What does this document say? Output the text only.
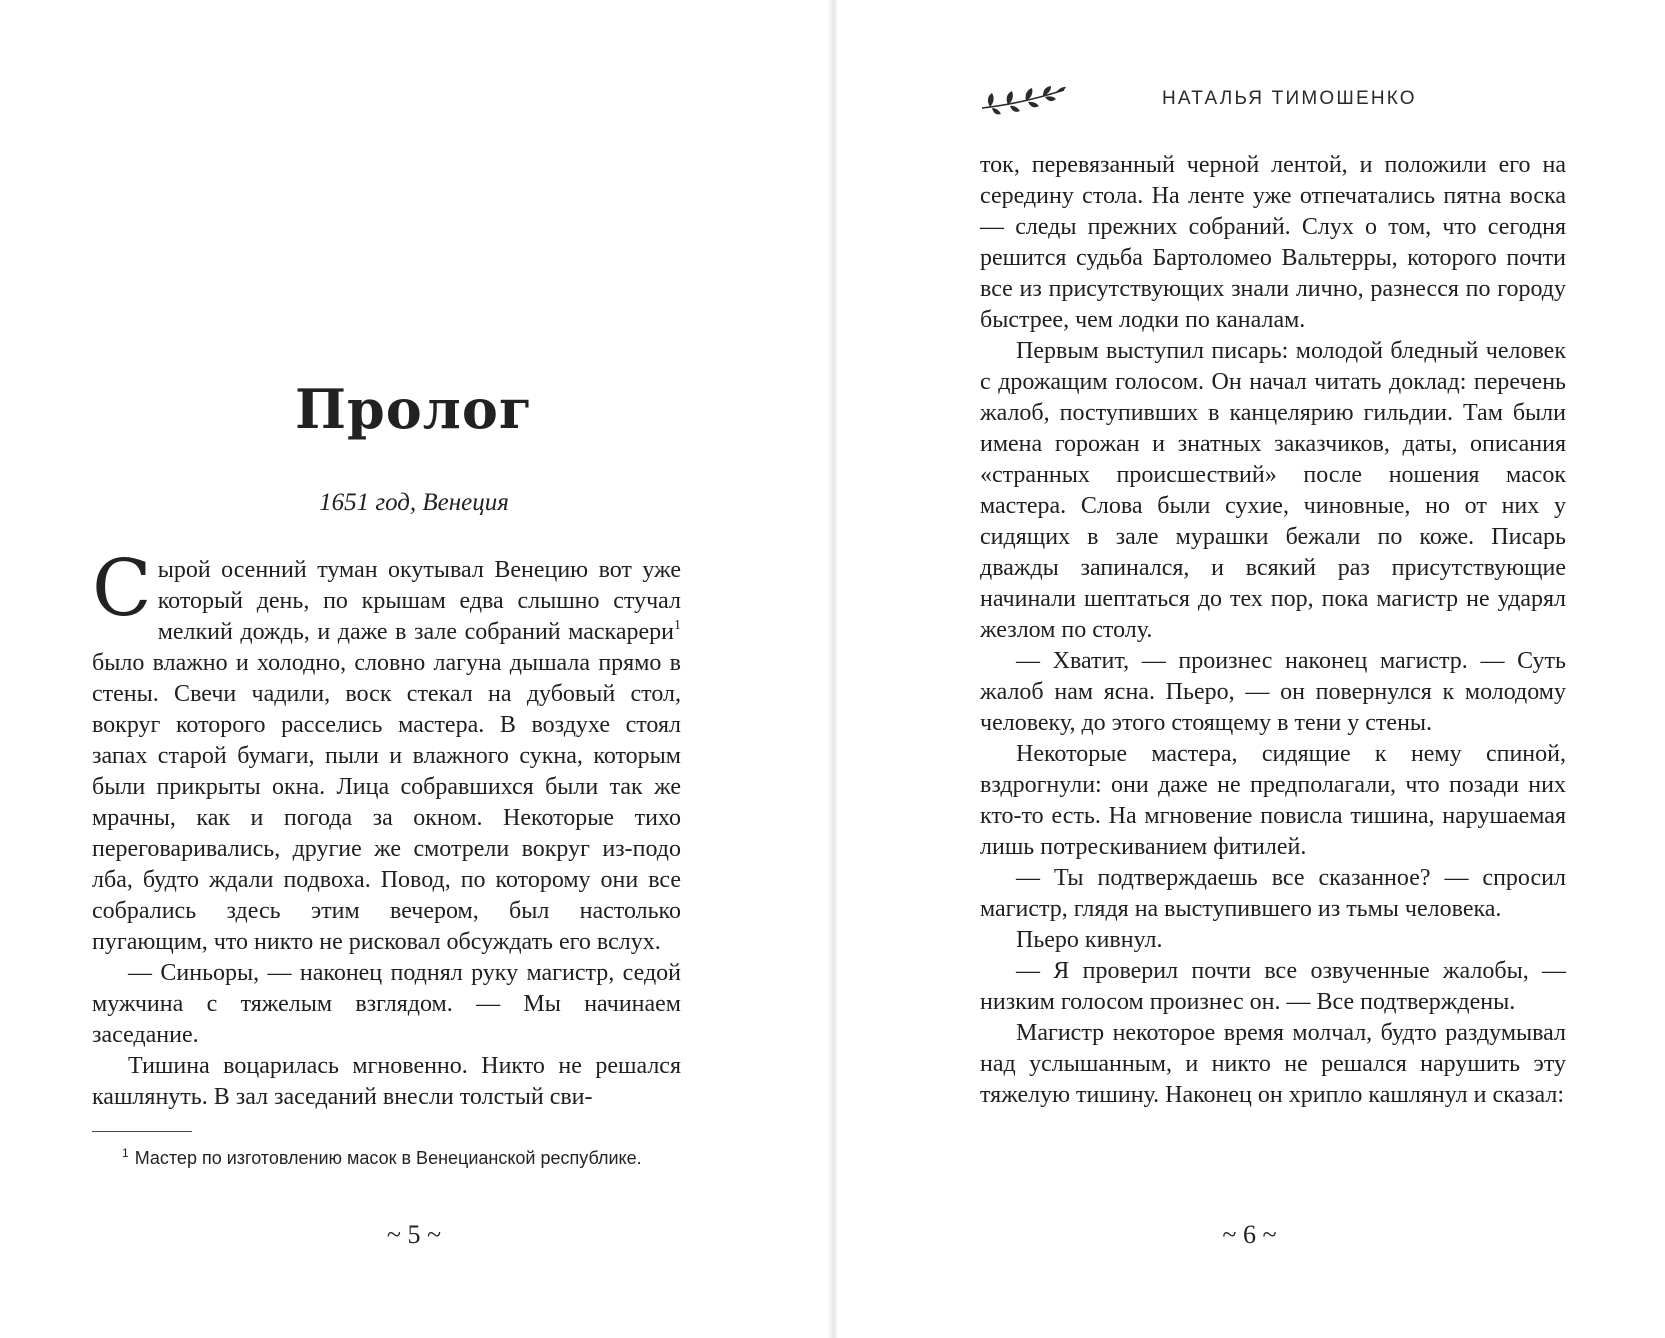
Пролог
1651 год, Венеция

Сырой осенний туман окутывал Венецию вот уже который день, по крышам едва слышно стучал мелкий дождь, и даже в зале собраний маскарери$^1$ было влажно и холодно, словно лагуна дышала прямо в стены. Свечи чадили, воск стекал на дубовый стол, вокруг которого расселись мастера. В воздухе стоял запах старой бумаги, пыли и влажного сукна, которым были прикрыты окна. Лица собравшихся были так же мрачны, как и погода за окном. Некоторые тихо переговаривались, другие же смотрели вокруг из-подо лба, будто ждали подвоха. Повод, по которому они все собрались здесь этим вечером, был настолько пугающим, что никто не рисковал обсуждать его вслух.

— Синьоры, — наконец поднял руку магистр, седой мужчина с тяжелым взглядом. — Мы начинаем заседание.

Тишина воцарилась мгновенно. Никто не решался кашлянуть. В зал заседаний внесли толстый сви-

$^1$ Мастер по изготовлению масок в Венецианской республике.
~ 5 ~
НАТАЛЬЯ ТИМОШЕНКО

ток, перевязанный черной лентой, и положили его на середину стола. На ленте уже отпечатались пятна воска — следы прежних собраний. Слух о том, что сегодня решится судьба Бартоломео Вальтерры, которого почти все из присутствующих знали лично, разнесся по городу быстрее, чем лодки по каналам.

Первым выступил писарь: молодой бледный человек с дрожащим голосом. Он начал читать доклад: перечень жалоб, поступивших в канцелярию гильдии. Там были имена горожан и знатных заказчиков, даты, описания «странных происшествий» после ношения масок мастера. Слова были сухие, чиновные, но от них у сидящих в зале мурашки бежали по коже. Писарь дважды запинался, и всякий раз присутствующие начинали шептаться до тех пор, пока магистр не ударял жезлом по столу.

— Хватит, — произнес наконец магистр. — Суть жалоб нам ясна. Пьеро, — он повернулся к молодому человеку, до этого стоящему в тени у стены.

Некоторые мастера, сидящие к нему спиной, вздрогнули: они даже не предполагали, что позади них кто-то есть. На мгновение повисла тишина, нарушаемая лишь потрескиванием фитилей.

— Ты подтверждаешь все сказанное? — спросил магистр, глядя на выступившего из тьмы человека.

Пьеро кивнул.

— Я проверил почти все озвученные жалобы, — низким голосом произнес он. — Все подтверждены.

Магистр некоторое время молчал, будто раздумывал над услышанным, и никто не решался нарушить эту тяжелую тишину. Наконец он хрипло кашлянул и сказал:

~ 6 ~
